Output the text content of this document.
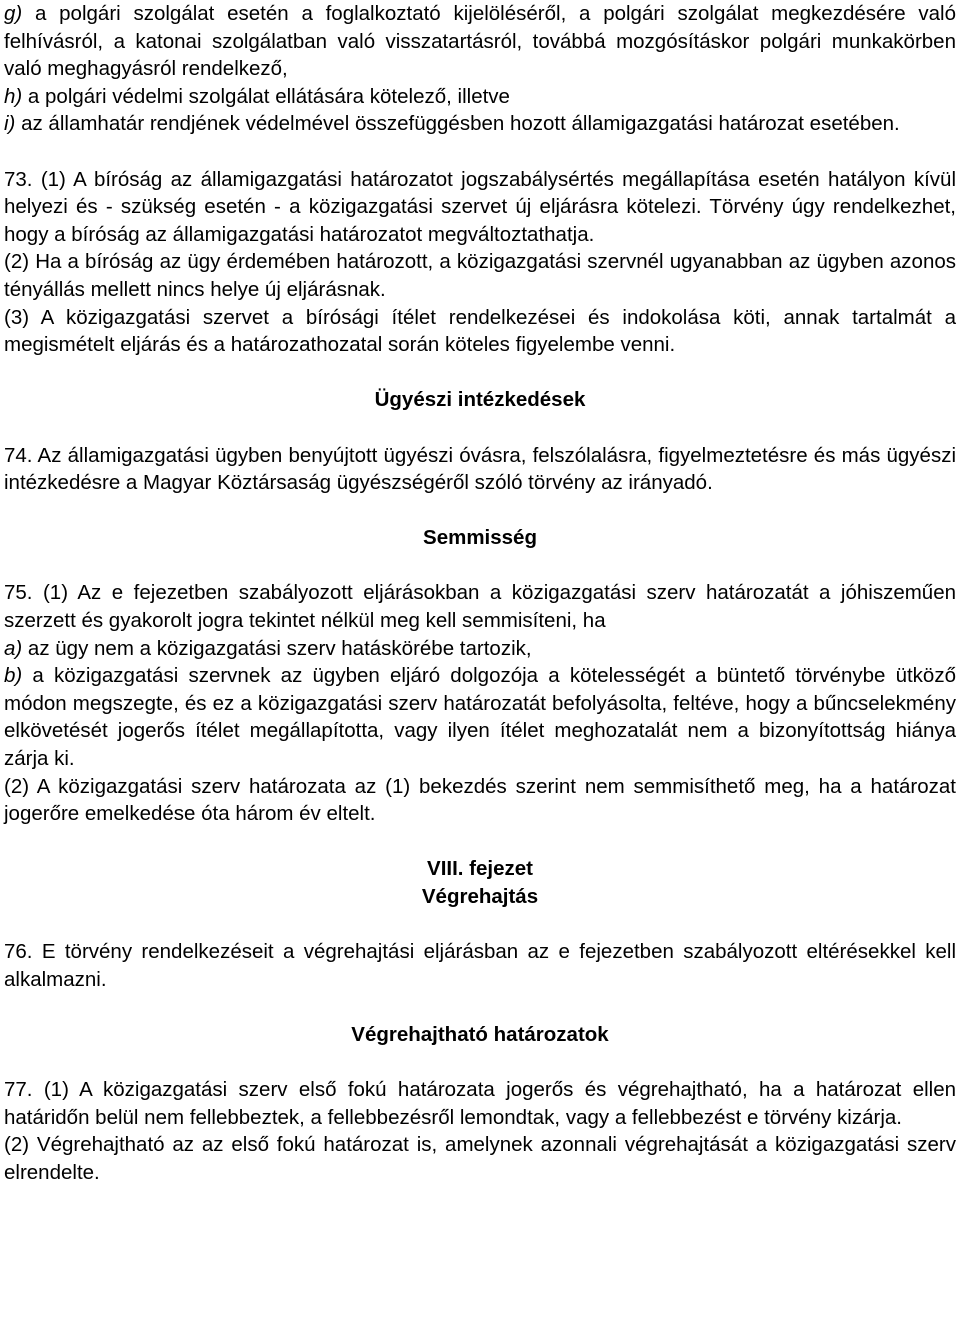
g) a polgári szolgálat esetén a foglalkoztató kijelöléséről, a polgári szolgálat megkezdésére való felhívásról, a katonai szolgálatban való visszatartásról, továbbá mozgósításkor polgári munkakörben való meghagyásról rendelkező,

h) a polgári védelmi szolgálat ellátására kötelező, illetve

i) az államhatár rendjének védelmével összefüggésben hozott államigazgatási határozat esetében.

73. (1) A bíróság az államigazgatási határozatot jogszabálysértés megállapítása esetén hatályon kívül helyezi és - szükség esetén - a közigazgatási szervet új eljárásra kötelezi. Törvény úgy rendelkezhet, hogy a bíróság az államigazgatási határozatot megváltoztathatja.

(2) Ha a bíróság az ügy érdemében határozott, a közigazgatási szervnél ugyanabban az ügyben azonos tényállás mellett nincs helye új eljárásnak.

(3) A közigazgatási szervet a bírósági ítélet rendelkezései és indokolása köti, annak tartalmát a megismételt eljárás és a határozathozatal során köteles figyelembe venni.

Ügyészi intézkedések

74. Az államigazgatási ügyben benyújtott ügyészi óvásra, felszólalásra, figyelmeztetésre és más ügyészi intézkedésre a Magyar Köztársaság ügyészségéről szóló törvény az irányadó.

Semmisség

75. (1) Az e fejezetben szabályozott eljárásokban a közigazgatási szerv határozatát a jóhiszeműen szerzett és gyakorolt jogra tekintet nélkül meg kell semmisíteni, ha

a) az ügy nem a közigazgatási szerv hatáskörébe tartozik,

b) a közigazgatási szervnek az ügyben eljáró dolgozója a kötelességét a büntető törvénybe ütköző módon megszegte, és ez a közigazgatási szerv határozatát befolyásolta, feltéve, hogy a bűncselekmény elkövetését jogerős ítélet megállapította, vagy ilyen ítélet meghozatalát nem a bizonyítottság hiánya zárja ki.

(2) A közigazgatási szerv határozata az (1) bekezdés szerint nem semmisíthető meg, ha a határozat jogerőre emelkedése óta három év eltelt.

VIII. fejezet

Végrehajtás

76. E törvény rendelkezéseit a végrehajtási eljárásban az e fejezetben szabályozott eltérésekkel kell alkalmazni.

Végrehajtható határozatok

77. (1) A közigazgatási szerv első fokú határozata jogerős és végrehajtható, ha a határozat ellen határidőn belül nem fellebbeztek, a fellebbezésről lemondtak, vagy a fellebbezést e törvény kizárja.

(2) Végrehajtható az az első fokú határozat is, amelynek azonnali végrehajtását a közigazgatási szerv elrendelte.
